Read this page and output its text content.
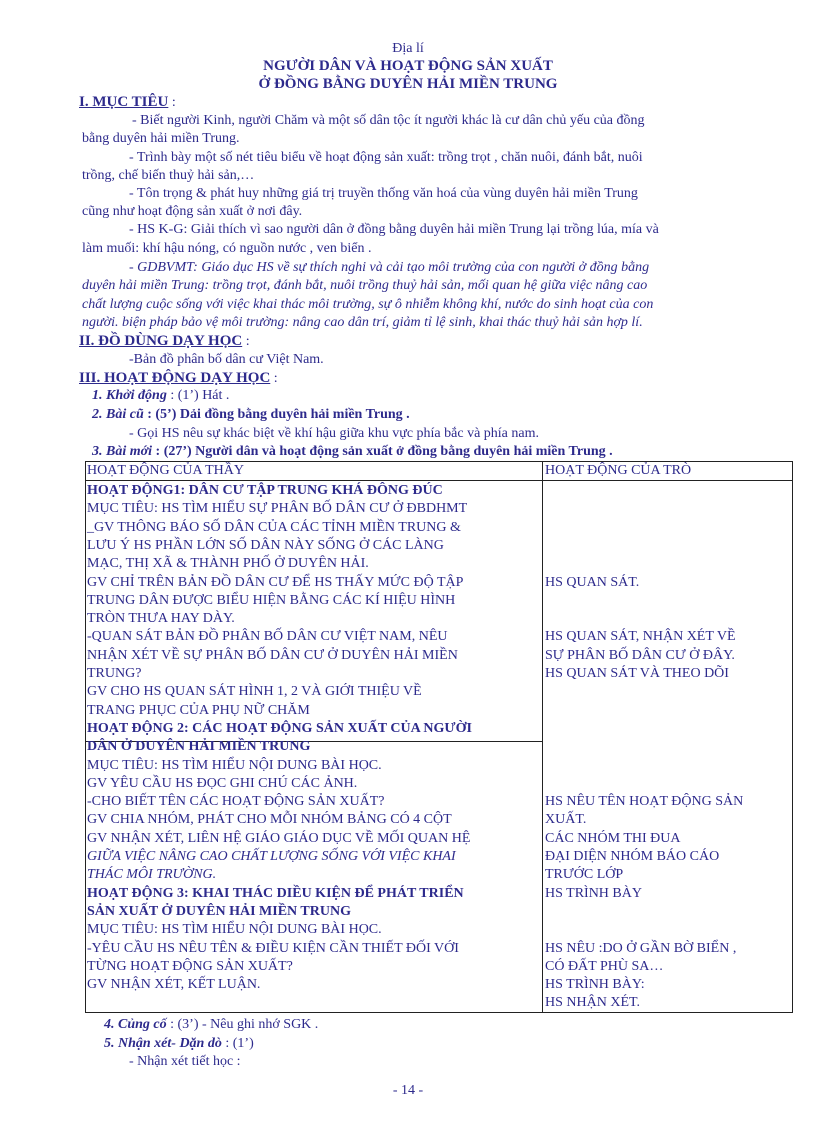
Địa lí
NGƯỜI DÂN VÀ HOẠT ĐỘNG SẢN XUẤT
Ở ĐỒNG BẰNG DUYÊN HẢI MIỀN TRUNG
I. MỤC TIÊU :
- Biết người Kinh, người Chăm và một số dân tộc ít người khác là cư dân chủ yếu của đồng
bằng duyên hải miền Trung.
- Trình bày một số nét tiêu biểu về hoạt động sản xuất: trồng trọt , chăn nuôi, đánh bắt, nuôi
trồng, chế biến thuỷ hải sản,…
- Tôn trọng & phát huy những giá trị truyền thống văn hoá của vùng duyên hải miền Trung
cũng như hoạt động sản xuất ở nơi đây.
- HS K-G: Giải thích vì sao người dân ở đồng bằng duyên hải miền Trung lại trồng lúa, mía và
làm muối: khí hậu nóng, có nguồn nước , ven biển .
- GDBVMT: Giáo dục HS về sự thích nghi và cải tạo môi trường của con người ở đồng bằng
duyên hải miền Trung: trồng trọt, đánh bắt, nuôi trồng thuỷ hải sản, mối quan hệ giữa việc nâng cao
chất lượng cuộc sống với việc khai thác môi trường, sự ô nhiễm không khí, nước do sinh hoạt của con
người. biện pháp bảo vệ môi trường: nâng cao dân trí, giảm tỉ lệ sinh, khai thác thuỷ hải sản hợp lí.
II. ĐỒ DÙNG DẠY HỌC :
-Bản đồ phân bố dân cư Việt Nam.
III. HOẠT ĐỘNG DẠY HỌC :
1. Khởi động : (1’) Hát .
2. Bài cũ : (5’) Dải đồng bằng duyên hải miền Trung .
- Gọi HS nêu sự khác biệt về khí hậu giữa khu vực phía bắc và phía nam.
3. Bài mới : (27’) Người dân và hoạt động sản xuất ở đồng bằng duyên hải miền Trung .
HOẠT ĐỘNG CỦA THẦY	HOẠT ĐỘNG CỦA TRÒ
HOẠT ĐỘNG1: DÂN CƯ TẬP TRUNG KHÁ ĐÔNG ĐÚC
MỤC TIÊU: HS TÌM HIỂU SỰ PHÂN BỐ DÂN CƯ Ở ĐBDHMT
_GV THÔNG BÁO SỐ DÂN CỦA CÁC TỈNH MIỀN TRUNG &
LƯU Ý HS PHẦN LỚN SỐ DÂN NÀY SỐNG Ở CÁC LÀNG
MẠC, THỊ XÃ & THÀNH PHỐ Ở DUYÊN HẢI.
GV CHỈ TRÊN BẢN ĐỒ DÂN CƯ ĐỂ HS THẤY MỨC ĐỘ TẬP
TRUNG DÂN ĐƯỢC BIỂU HIỆN BẰNG CÁC KÍ HIỆU HÌNH
TRÒN THƯA HAY DÀY.
-QUAN SÁT BẢN ĐỒ PHÂN BỐ DÂN CƯ VIỆT NAM, NÊU
NHẬN XÉT VỀ SỰ PHÂN BỐ DÂN CƯ Ở DUYÊN HẢI MIỀN
TRUNG?
GV CHO HS QUAN SÁT HÌNH 1, 2 VÀ GIỚI THIỆU VỀ
TRANG PHỤC CỦA PHỤ NỮ CHĂM
HOẠT ĐỘNG 2: CÁC HOẠT ĐỘNG SẢN XUẤT CỦA NGƯỜI
DÂN Ở DUYÊN HẢI MIỀN TRUNG
MỤC TIÊU: HS TÌM HIỂU NỘI DUNG BÀI HỌC.
GV YÊU CẦU HS ĐỌC GHI CHÚ CÁC ẢNH.
-CHO BIẾT TÊN CÁC HOẠT ĐỘNG SẢN XUẤT?
GV CHIA NHÓM, PHÁT CHO MỖI NHÓM BẢNG CÓ 4 CỘT
GV NHẬN XÉT, LIÊN HỆ GIÁO GIÁO DỤC VỀ MỐI QUAN HỆ
GIỮA VIỆC NÂNG CAO CHẤT LƯỢNG SỐNG VỚI VIỆC KHAI
THÁC MÔI TRƯỜNG.
HOẠT ĐỘNG 3: KHAI THÁC DIỀU KIỆN ĐỂ PHÁT TRIỂN
SẢN XUẤT Ở DUYÊN HẢI MIỀN TRUNG
MỤC TIÊU: HS TÌM HIỂU NỘI DUNG BÀI HỌC.
-YÊU CẦU HS NÊU TÊN & ĐIỀU KIỆN CẦN THIẾT ĐỐI VỚI
TỪNG HOẠT ĐỘNG SẢN XUẤT?
GV NHẬN XÉT, KẾT LUẬN.
HS QUAN SÁT.
HS QUAN SÁT, NHẬN XÉT VỀ
SỰ PHÂN BỐ DÂN CƯ Ở ĐÂY.
HS QUAN SÁT VÀ THEO DÕI
HS NÊU TÊN HOẠT ĐỘNG SẢN
XUẤT.
CÁC NHÓM THI ĐUA
ĐẠI DIỆN NHÓM BÁO CÁO
TRƯỚC LỚP
HS TRÌNH BÀY
HS NÊU :DO Ở GẦN BỜ BIỂN ,
CÓ ĐẤT PHÙ SA…
HS TRÌNH BÀY:
HS NHẬN XÉT.
4. Củng cố : (3’) - Nêu ghi nhớ SGK .
5. Nhận xét- Dặn dò : (1’)
- Nhận xét tiết học :
- 14 -
